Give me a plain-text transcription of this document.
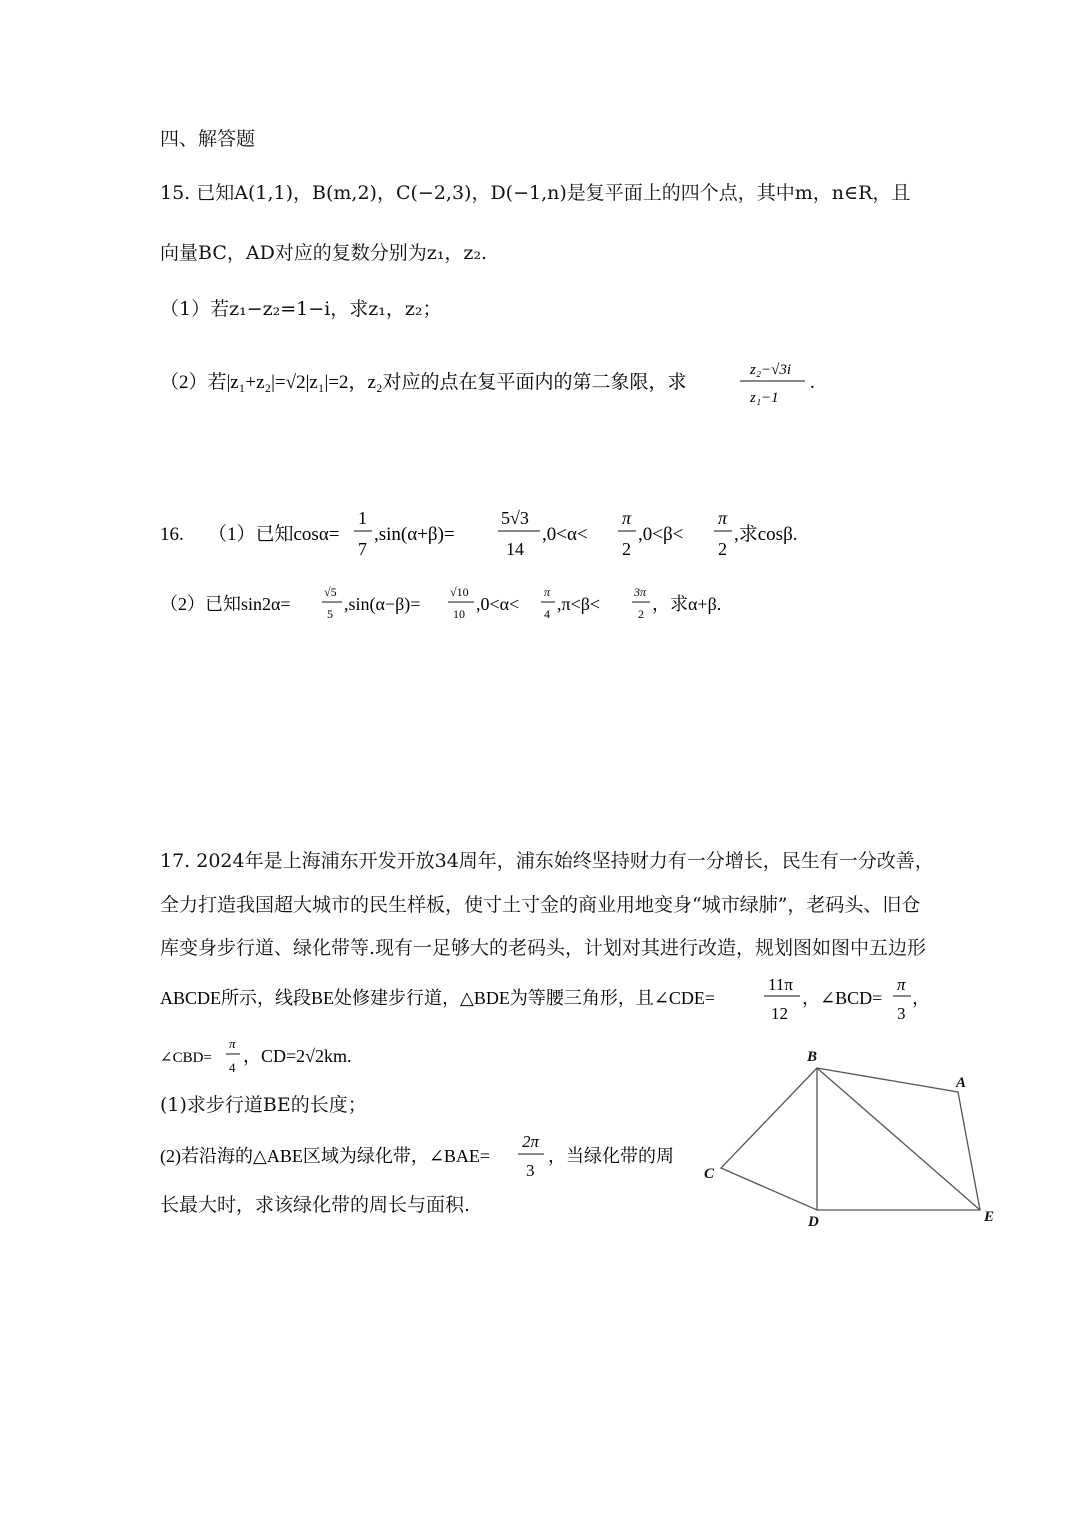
四、解答题
15. 已知A(1,1)，B(m,2)，C(−2,3)，D(−1,n)是复平面上的四个点，其中m，n∈R，且
向量BC，AD对应的复数分别为z₁，z₂.
（1）若z₁−z₂=1−i，求z₁，z₂；
（2）若|z₁+z₂|=√2|z₁|=2，z₂对应的点在复平面内的第二象限，求
z₂−√3i
z₁−1
.
16. （1）已知cosα=
1
7
,sin(α+β)=
5√3
14
,0<α<
π
2
,0<β<
π
2
,求cosβ.
（2）已知sin2α=
√5
5 ,sin(α−β)=
√10
10 ,0<α<
π
4 ,π<β<
3π
2 ，求α+β.
17. 2024年是上海浦东开发开放34周年，浦东始终坚持财力有一分增长，民生有一分改善，
全力打造我国超大城市的民生样板，使寸土寸金的商业用地变身“城市绿肺”，老码头、旧仓
库变身步行道、绿化带等.现有一足够大的老码头，计划对其进行改造，规划图如图中五边形
ABCDE所示，线段BE处修建步行道，△BDE为等腰三角形，且∠CDE=
11π
12
，∠BCD=
π
3
，
∠CBD=
π
4
，CD=2√2km.
(1)求步行道BE的长度；
(2)若沿海的△ABE区域为绿化带，∠BAE=
2π
3
，当绿化带的周
长最大时，求该绿化带的周长与面积.
B
A
C
D	E
